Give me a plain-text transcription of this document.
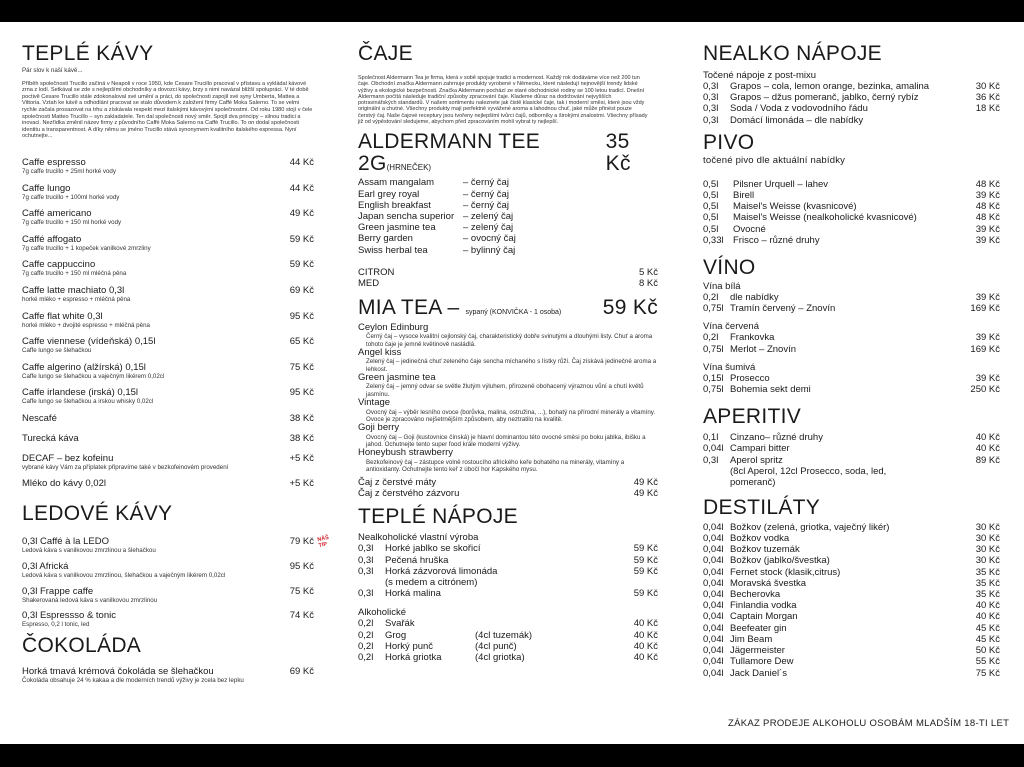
TEPLÉ KÁVY
Pár slov k naší kávě...
Příběh společnosti Trucillo začíná v Neapoli v roce 1950, kde Cesare Trucillo pracoval v přístavu a vykládal kávové zrna z lodí. Setkával se zde s nejlepšími obchodníky a dovozci kávy, brzy s nimi navázal bližší spolupráci. V té době poctivě Cesare Trucillo stále zdokonaloval své umění a práci, do společnosti zapojil své syny Umberta, Mattea a Vittoria. Vztah ke kávě a odhodlání pracovat se stalo důvodem k založení firmy Caffè Moka Salerno. To se velmi rychle začala prosazovat na trhu a získávala respekt mezi italskými kávovými společnostmi. Od roku 1980 stojí v čele společnosti Matteo Trucillo – syn zakladatele. Ten dal společnosti nový směr. Spojil dva principy – silnou tradici a inovaci. Nezřídka změnil název firmy z původního Caffè Moka Salerno na Caffè Trucillo. To on dodal společnosti identitu a transparentnost. A díky němu se jméno Trucillo stává synonymem kvalitního italského espressa. Nyní ochutnejte...
Caffe espresso	44 Kč
7g caffe trucillo + 25ml horké vody
Caffe lungo	44 Kč
7g caffe trucillo + 100ml horké vody
Caffé americano	49 Kč
7g caffe trucillo + 150 ml horké vody
Caffé affogato	59 Kč
7g caffe trucillo + 1 kopeček vanilkové zmrzliny
Caffe cappuccino	59 Kč
7g caffe trucillo + 150 ml mléčná pěna
Caffe latte machiato 0,3l	69 Kč
horké mléko + espresso + mléčná pěna
Caffe flat white 0,3l	95 Kč
horké mléko + dvojité espresso + mléčná pěna
Caffe viennese (vídeňská) 0,15l	65 Kč
Caffe lungo se šlehačkou
Caffe algerino (alžírská) 0,15l	75 Kč
Caffe lungo se šlehačkou a vaječným likérem 0,02cl
Caffe irlandese (irská) 0,15l	95 Kč
Caffe lungo se šlehačkou a irskou whisky 0,02cl
Nescafé	38 Kč
Turecká káva	38 Kč
DECAF – bez kofeinu	+5 Kč
vybrané kávy Vám za příplatek připravíme také v bezkofeinovém provedení
Mléko do kávy 0,02l	+5 Kč
LEDOVÉ KÁVY
NÁŠ TIP
0,3l Caffé à la LEDO	79 Kč
Ledová káva s vanilkovou zmrzlinou a šlehačkou
0,3l Africká	95 Kč
Ledová káva s vanilkovou zmrzlinou, šlehačkou a vaječným likérem 0,02cl
0,3l Frappe caffe	75 Kč
Shakerovaná ledová káva s vanilkovou zmrzlinou
0,3l Espressso & tonic	74 Kč
Espresso, 0,2 l tonic, led
ČOKOLÁDA
Horká tmavá krémová čokoláda se šlehačkou	69 Kč
Čokoláda obsahuje 24 % kakaa a dle moderních trendů výživy je zcela bez lepku
ČAJE
Společnost Aldermann Tea je firma, která v sobě spojuje tradici a modernost. Každý rok dodáváme více než 200 tun čaje. Obchodní značka Aldermann zahrnuje produkty vyrobené v Německu, které následují nejnovější trendy lidské výživy a ekologické bezpečnosti. Značka Aldermann pochází ze staré obchodnické rodiny se 100 letou tradicí. Dnešní Aldermann počítá následuje tradiční způsoby zpracování čaje. Klademe důraz na dodržování nejvyšších potravinářských standardů. V našem sortimentu naleznete jak čistě klasické čaje, tak i moderní směsi, které jsou vždy originální a chutné. Všechny produkty mají perfektně vyvážené aroma a lahodnou chuť, jaké může přinést pouze čerstvý čaj. Naše čajové receptury jsou tvořeny nejlepšími tvůrci čajů, odborníky a širokými znalostmi. Všechny přísady již od výpěstování sledujeme, abychom před zpracováním mohli vybrat ty nejlepší.
ALDERMANN TEE 2G(HRNEČEK)
35 Kč
Assam mangalam	– černý čaj
Earl grey royal	– černý čaj
English breakfast	– černý čaj
Japan sencha superior – zelený čaj
Green jasmine tea	– zelený čaj
Berry garden	– ovocný čaj
Swiss herbal tea	– bylinný čaj
CITRON	5 Kč
MED	8 Kč
MIA TEA – sypaný (KONVIČKA - 1 osoba) 59 Kč
Ceylon Edinburg
Černý čaj – vysoce kvalitní cejlonský čaj, charakteristický dobře svinutými a dlouhými listy. Chuť a aroma tohoto čaje je jemně květinově nasládlá.
Angel kiss
Zelený čaj – jedinečná chuť zeleného čaje sencha míchaného s lístky růží. Čaj získává jedinečné aroma a lehkost.
Green jasmine tea
Zelený čaj – jemný odvar se světle žlutým výluhem, přirozeně obohacený výraznou vůní a chutí květů jasmínu.
Vintage
Ovocný čaj – výběr lesního ovoce (borůvka, malina, ostružina, ...), bohatý na přírodní minerály a vitamíny. Ovoce je zpracováno nejšetrnějším způsobem, aby neztratilo na kvalitě.
Goji berry
Ovocný čaj – Goji (kustovnice čínská) je hlavní dominantou této ovocné směsi po boku jablka, ibišku a jahod. Ochutnejte tento super food krále moderní výživy.
Honeybush strawberry
Bezkofeinový čaj – zástupce volně rostoucího afrického keře bohatého na minerály, vitamíny a antioxidanty. Ochutnejte tento keř z úbočí hor Kapského mysu.
Čaj z čerstvé máty	49 Kč
Čaj z čerstvého zázvoru	49 Kč
TEPLÉ NÁPOJE
Nealkoholické vlastní výroba
0,3l	Horké jablko se skořicí	59 Kč
0,3l	Pečená hruška	59 Kč
0,3l	Horká zázvorová limonáda
(s medem a citrónem)
59 Kč
0,3l	Horká malina	59 Kč
Alkoholické
0,2l	Svařák	40 Kč
0,2l	Grog	(4cl tuzemák)	40 Kč
0,2l	Horký punč	(4cl punč)	40 Kč
0,2l	Horká griotka	(4cl griotka)	40 Kč
NEALKO NÁPOJE
Točené nápoje z post-mixu
0,3l	Grapos – cola, lemon orange, bezinka, amalina	30 Kč
0,3l	Grapos – džus pomeranč, jablko, černý rybíz	36 Kč
0,3l	Soda / Voda z vodovodního řádu	18 Kč
0,3l	Domácí limonáda – dle nabídky
PIVO
točené pivo dle aktuální nabídky
0,5l	Pilsner Urquell – lahev	48 Kč
0,5l	Birell	39 Kč
0,5l	Maisel's Weisse (kvasnicové)	48 Kč
0,5l	Maisel's Weisse (nealkoholické kvasnicové)	48 Kč
0,5l	Ovocné	39 Kč
0,33l Frisco – různé druhy	39 Kč
VÍNO
Vína bílá
0,2l	dle nabídky	39 Kč
0,75l Tramín červený – Znovín	169 Kč
Vína červená
0,2l	Frankovka	39 Kč
0,75l Merlot – Znovín	169 Kč
Vína šumivá
0,15l Prosecco	39 Kč
0,75l Bohemia sekt demi	250 Kč
APERITIV
0,1l	Cinzano– různé druhy	40 Kč
0,04l Campari bitter	40 Kč
0,3l	Aperol spritz	89 Kč
(8cl Aperol, 12cl Prosecco, soda, led, pomeranč)
DESTILÁTY
0,04l Božkov (zelená, griotka, vaječný likér)	30 Kč
0,04l Božkov vodka	30 Kč
0,04l Božkov tuzemák	30 Kč
0,04l Božkov (jablko/švestka)	30 Kč
0,04l Fernet stock (klasik,citrus)	35 Kč
0,04l Moravská švestka	35 Kč
0,04l Becherovka	35 Kč
0,04l Finlandia vodka	40 Kč
0,04l Captain Morgan	40 Kč
0,04l Beefeater gin	45 Kč
0,04l Jim Beam	45 Kč
0,04l Jägermeister	50 Kč
0,04l Tullamore Dew	55 Kč
0,04l Jack Daniel´s	75 Kč
ZÁKAZ PRODEJE ALKOHOLU OSOBÁM MLADŠÍM 18-TI LET
